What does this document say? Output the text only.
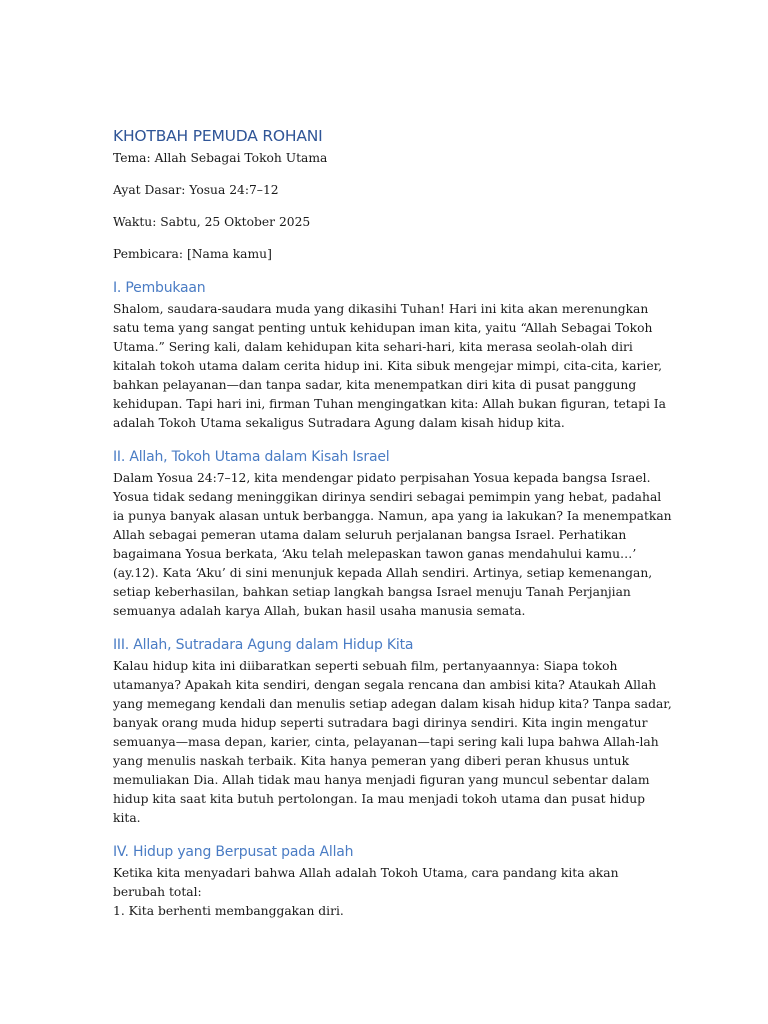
KHOTBAH PEMUDA ROHANI
Tema: Allah Sebagai Tokoh Utama
Ayat Dasar: Yosua 24:7–12
Waktu: Sabtu, 25 Oktober 2025
Pembicara: [Nama kamu]
I. Pembukaan
Shalom, saudara-saudara muda yang dikasihi Tuhan! Hari ini kita akan merenungkan satu tema yang sangat penting untuk kehidupan iman kita, yaitu “Allah Sebagai Tokoh Utama.” Sering kali, dalam kehidupan kita sehari-hari, kita merasa seolah-olah diri kitalah tokoh utama dalam cerita hidup ini. Kita sibuk mengejar mimpi, cita-cita, karier, bahkan pelayanan—dan tanpa sadar, kita menempatkan diri kita di pusat panggung kehidupan. Tapi hari ini, firman Tuhan mengingatkan kita: Allah bukan figuran, tetapi Ia adalah Tokoh Utama sekaligus Sutradara Agung dalam kisah hidup kita.
II. Allah, Tokoh Utama dalam Kisah Israel
Dalam Yosua 24:7–12, kita mendengar pidato perpisahan Yosua kepada bangsa Israel. Yosua tidak sedang meninggikan dirinya sendiri sebagai pemimpin yang hebat, padahal ia punya banyak alasan untuk berbangga. Namun, apa yang ia lakukan? Ia menempatkan Allah sebagai pemeran utama dalam seluruh perjalanan bangsa Israel. Perhatikan bagaimana Yosua berkata, ‘Aku telah melepaskan tawon ganas mendahului kamu…’ (ay.12). Kata ‘Aku’ di sini menunjuk kepada Allah sendiri. Artinya, setiap kemenangan, setiap keberhasilan, bahkan setiap langkah bangsa Israel menuju Tanah Perjanjian semuanya adalah karya Allah, bukan hasil usaha manusia semata.
III. Allah, Sutradara Agung dalam Hidup Kita
Kalau hidup kita ini diibaratkan seperti sebuah film, pertanyaannya: Siapa tokoh utamanya? Apakah kita sendiri, dengan segala rencana dan ambisi kita? Ataukah Allah yang memegang kendali dan menulis setiap adegan dalam kisah hidup kita? Tanpa sadar, banyak orang muda hidup seperti sutradara bagi dirinya sendiri. Kita ingin mengatur semuanya—masa depan, karier, cinta, pelayanan—tapi sering kali lupa bahwa Allah-lah yang menulis naskah terbaik. Kita hanya pemeran yang diberi peran khusus untuk memuliakan Dia. Allah tidak mau hanya menjadi figuran yang muncul sebentar dalam hidup kita saat kita butuh pertolongan. Ia mau menjadi tokoh utama dan pusat hidup kita.
IV. Hidup yang Berpusat pada Allah
Ketika kita menyadari bahwa Allah adalah Tokoh Utama, cara pandang kita akan berubah total:
1. Kita berhenti membanggakan diri.
